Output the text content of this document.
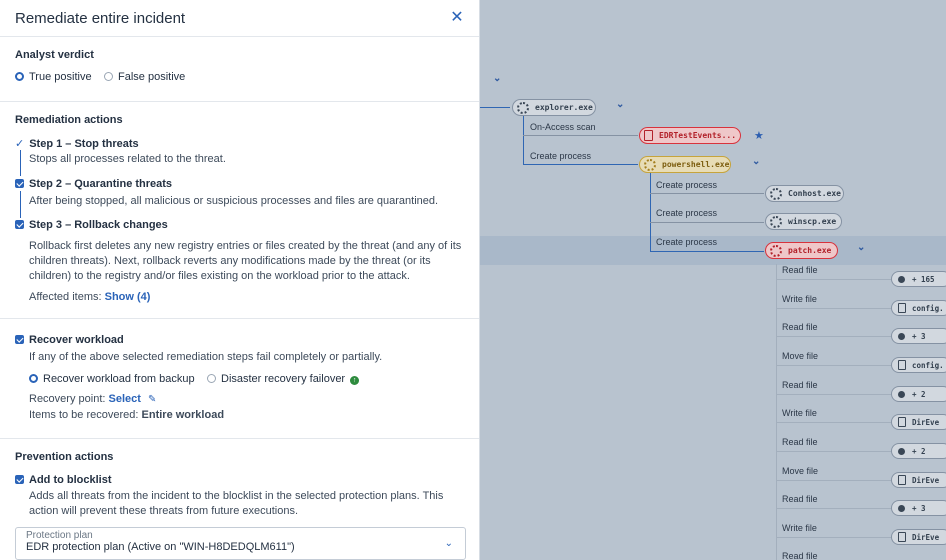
⌄
explorer.exe ⌄
On-Access scan
EDRTestEvents... ★
Create process
powershell.exe ⌄
Create process
Conhost.exe
Create process
winscp.exe
Create process
patch.exe	⌄
Read file
+ 165
Write file
config.
Read file
+ 3
Move file
config.
Read file
+ 2
Write file
DirEve
Read file
+ 2
Move file
DirEve
Read file
+ 3
Write file
DirEve
Read file
Remediate entire incident	✕
Analyst verdict
True positive	False positive
Remediation actions
✓ Step 1 – Stop threats
Stops all processes related to the threat.
Step 2 – Quarantine threats
After being stopped, all malicious or suspicious processes and files are quarantined.
Step 3 – Rollback changes
Rollback first deletes any new registry entries or files created by the threat (and any of its children threats). Next, rollback reverts any modifications made by the threat (or its children) to the registry and/or files existing on the workload prior to the attack.
Affected items: Show (4)
Recover workload
If any of the above selected remediation steps fail completely or partially.
Recover workload from backup	Disaster recovery failover ↑
Recovery point: Select ✎
Items to be recovered: Entire workload
Prevention actions
Add to blocklist
Adds all threats from the incident to the blocklist in the selected protection plans. This action will prevent these threats from future executions.
Protection plan
EDR protection plan (Active on "WIN-H8DEDQLM611")	⌄
